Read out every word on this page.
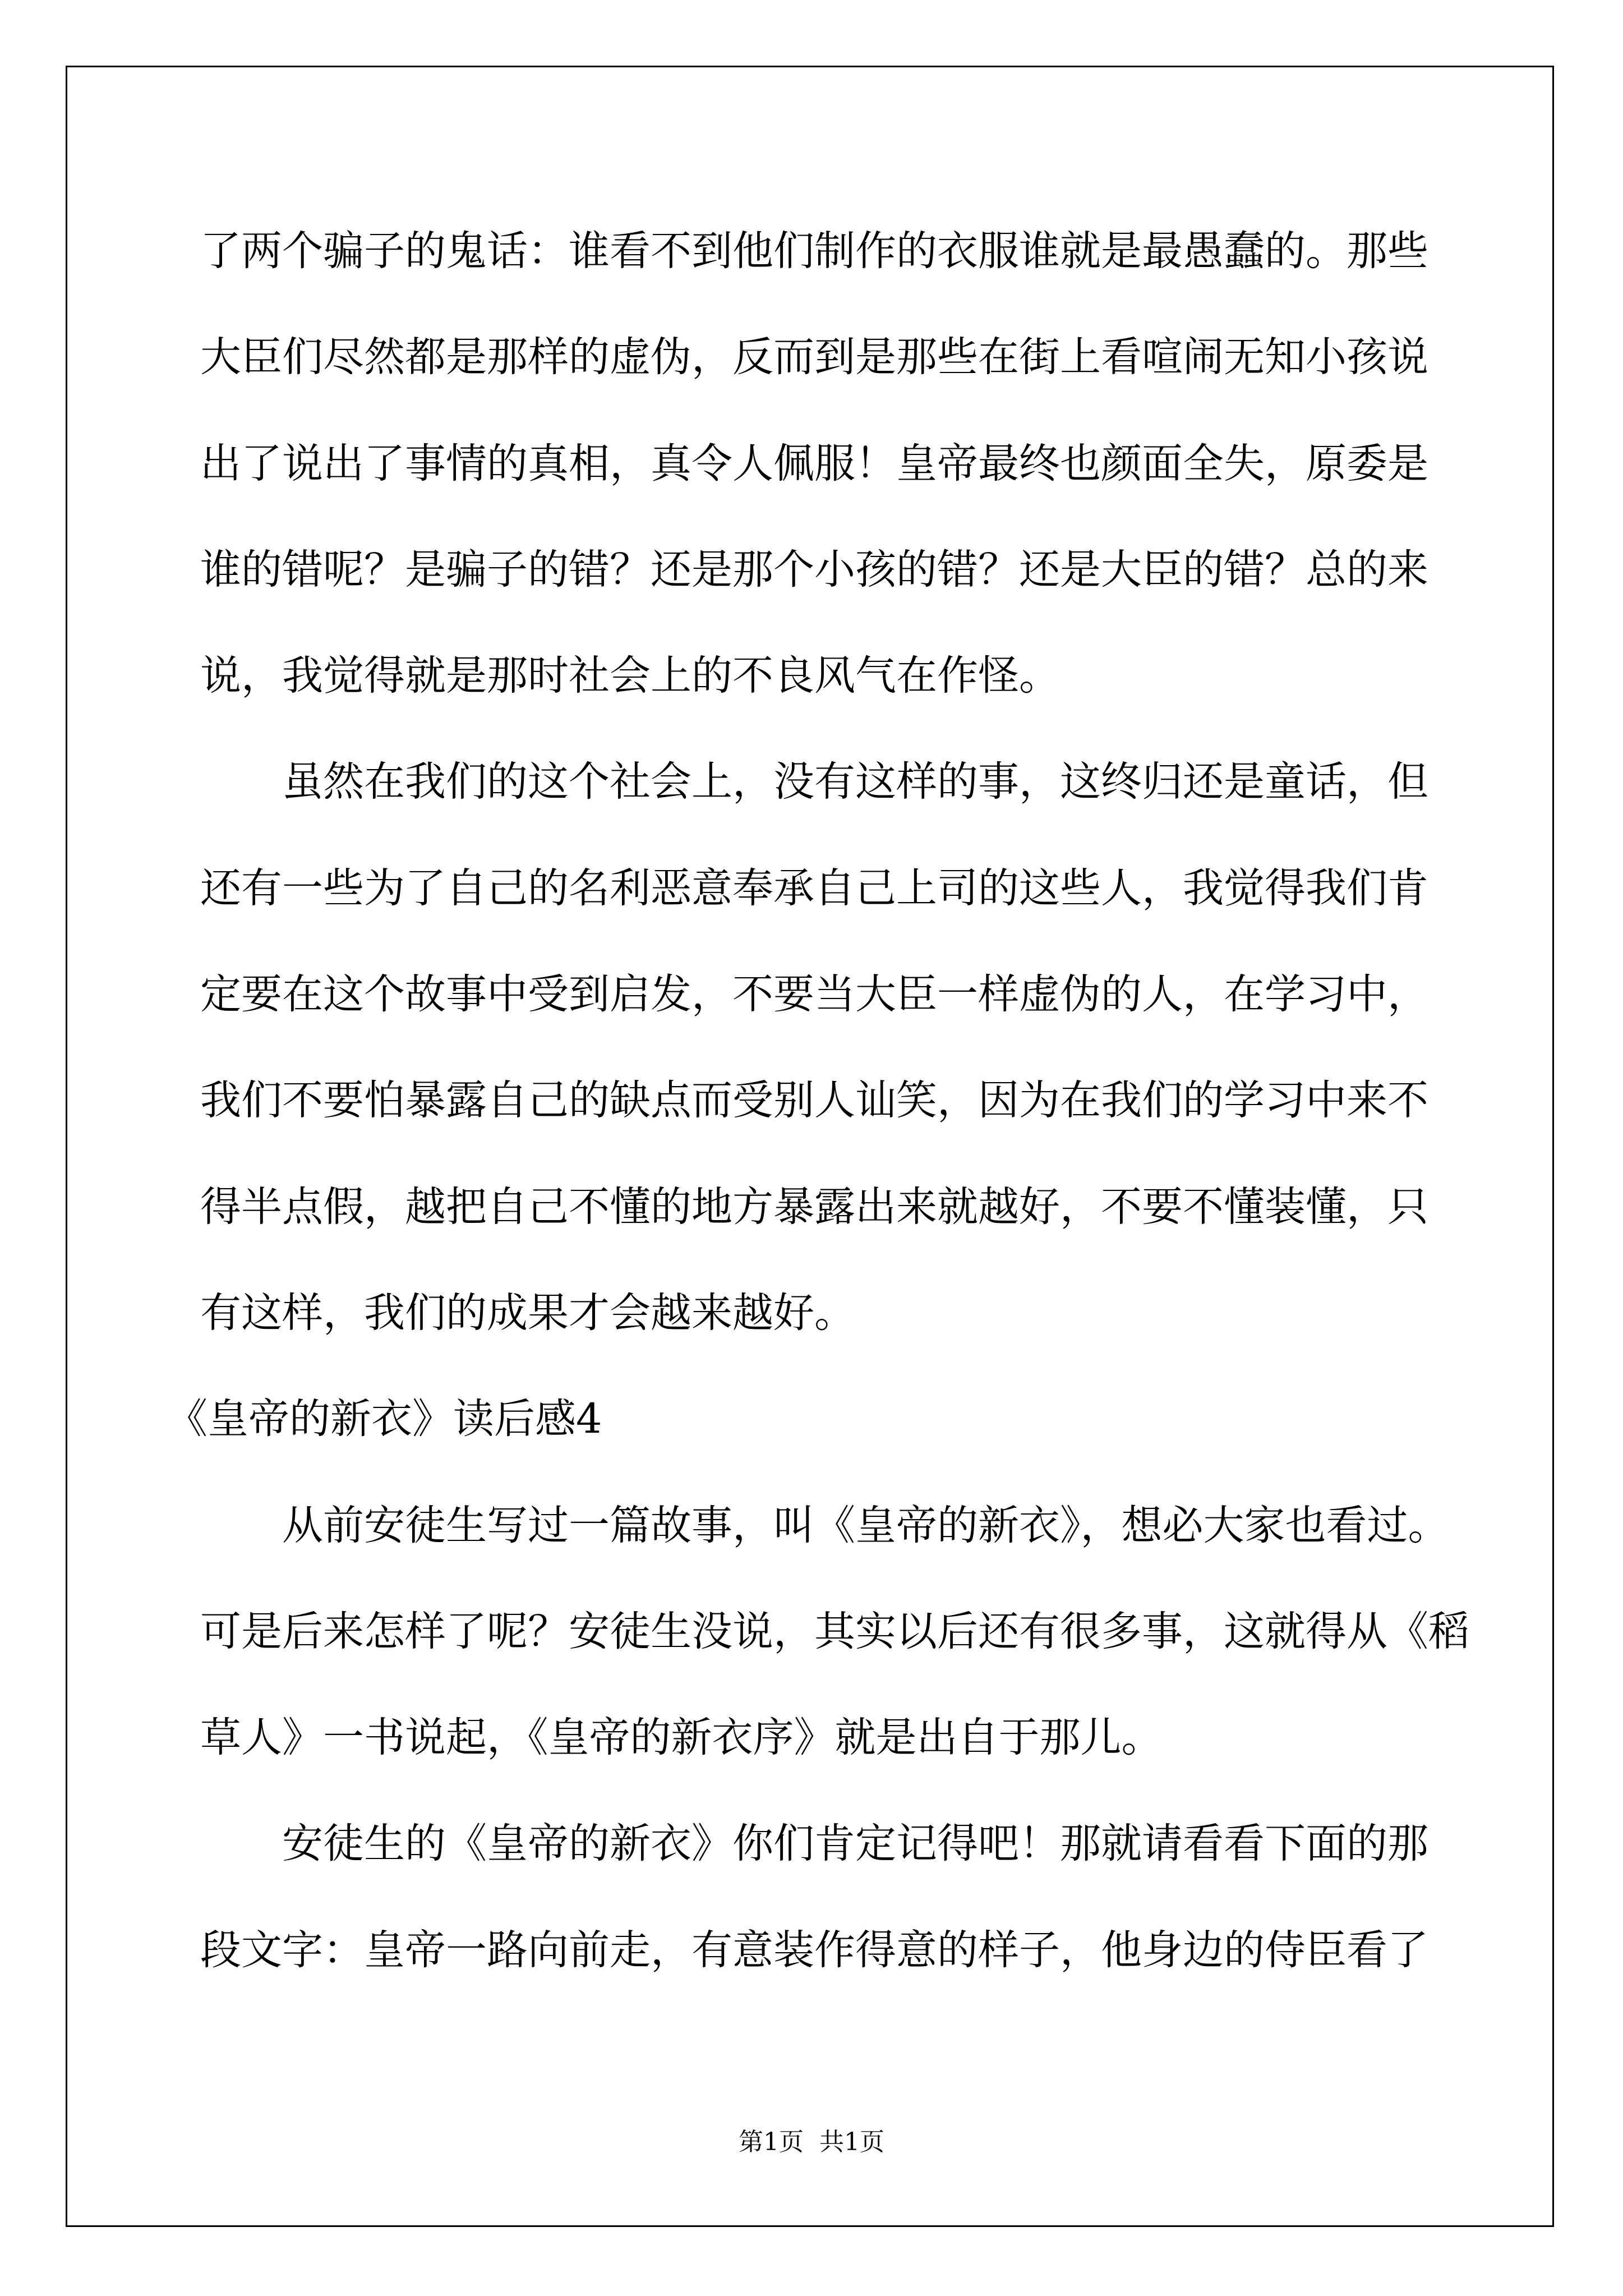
了两个骗子的鬼话：谁看不到他们制作的衣服谁就是最愚蠢的。那些
大臣们尽然都是那样的虚伪，反而到是那些在街上看喧闹无知小孩说
出了说出了事情的真相，真令人佩服！皇帝最终也颜面全失，原委是
谁的错呢？是骗子的错？还是那个小孩的错？还是大臣的错？总的来
说，我觉得就是那时社会上的不良风气在作怪。
虽然在我们的这个社会上，没有这样的事，这终归还是童话，但
还有一些为了自己的名利恶意奉承自己上司的这些人，我觉得我们肯
定要在这个故事中受到启发，不要当大臣一样虚伪的人，在学习中，
我们不要怕暴露自己的缺点而受别人讪笑，因为在我们的学习中来不
得半点假，越把自己不懂的地方暴露出来就越好，不要不懂装懂，只
有这样，我们的成果才会越来越好。
《皇帝的新衣》读后感4
从前安徒生写过一篇故事，叫《皇帝的新衣》，想必大家也看过。
可是后来怎样了呢？安徒生没说，其实以后还有很多事，这就得从《稻
草人》一书说起，《皇帝的新衣序》就是出自于那儿。
安徒生的《皇帝的新衣》你们肯定记得吧！那就请看看下面的那
段文字：皇帝一路向前走，有意装作得意的样子，他身边的侍臣看了
第1页  共1页
